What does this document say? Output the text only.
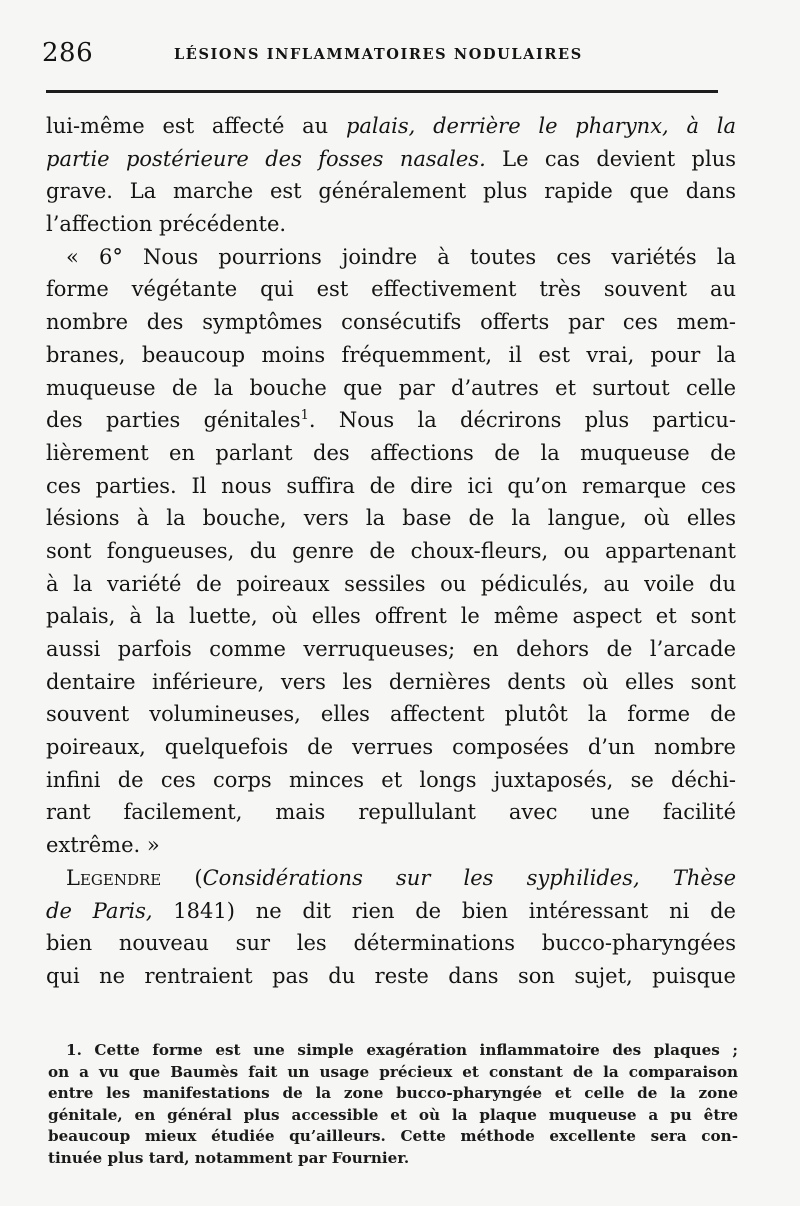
286	LÉSIONS INFLAMMATOIRES NODULAIRES
lui-même est affecté au palais, derrière le pharynx, à la
partie postérieure des fosses nasales. Le cas devient plus
grave. La marche est généralement plus rapide que dans
l’affection précédente.
« 6° Nous pourrions joindre à toutes ces variétés la
forme végétante qui est effectivement très souvent au
nombre des symptômes consécutifs offerts par ces mem-
branes, beaucoup moins fréquemment, il est vrai, pour la
muqueuse de la bouche que par d’autres et surtout celle
des parties génitales$^1$. Nous la décrirons plus particu-
lièrement en parlant des affections de la muqueuse de
ces parties. Il nous suffira de dire ici qu’on remarque ces
lésions à la bouche, vers la base de la langue, où elles
sont fongueuses, du genre de choux-fleurs, ou appartenant
à la variété de poireaux sessiles ou pédiculés, au voile du
palais, à la luette, où elles offrent le même aspect et sont
aussi parfois comme verruqueuses; en dehors de l’arcade
dentaire inférieure, vers les dernières dents où elles sont
souvent volumineuses, elles affectent plutôt la forme de
poireaux, quelquefois de verrues composées d’un nombre
infini de ces corps minces et longs juxtaposés, se déchi-
rant facilement, mais repullulant avec une facilité
extrême. »
Legendre (Considérations sur les syphilides, Thèse
de Paris, 1841) ne dit rien de bien intéressant ni de
bien nouveau sur les déterminations bucco-pharyngées
qui ne rentraient pas du reste dans son sujet, puisque
1. Cette forme est une simple exagération inflammatoire des plaques ;
on a vu que Baumès fait un usage précieux et constant de la comparaison
entre les manifestations de la zone bucco-pharyngée et celle de la zone
génitale, en général plus accessible et où la plaque muqueuse a pu être
beaucoup mieux étudiée qu’ailleurs. Cette méthode excellente sera con-
tinuée plus tard, notamment par Fournier.
